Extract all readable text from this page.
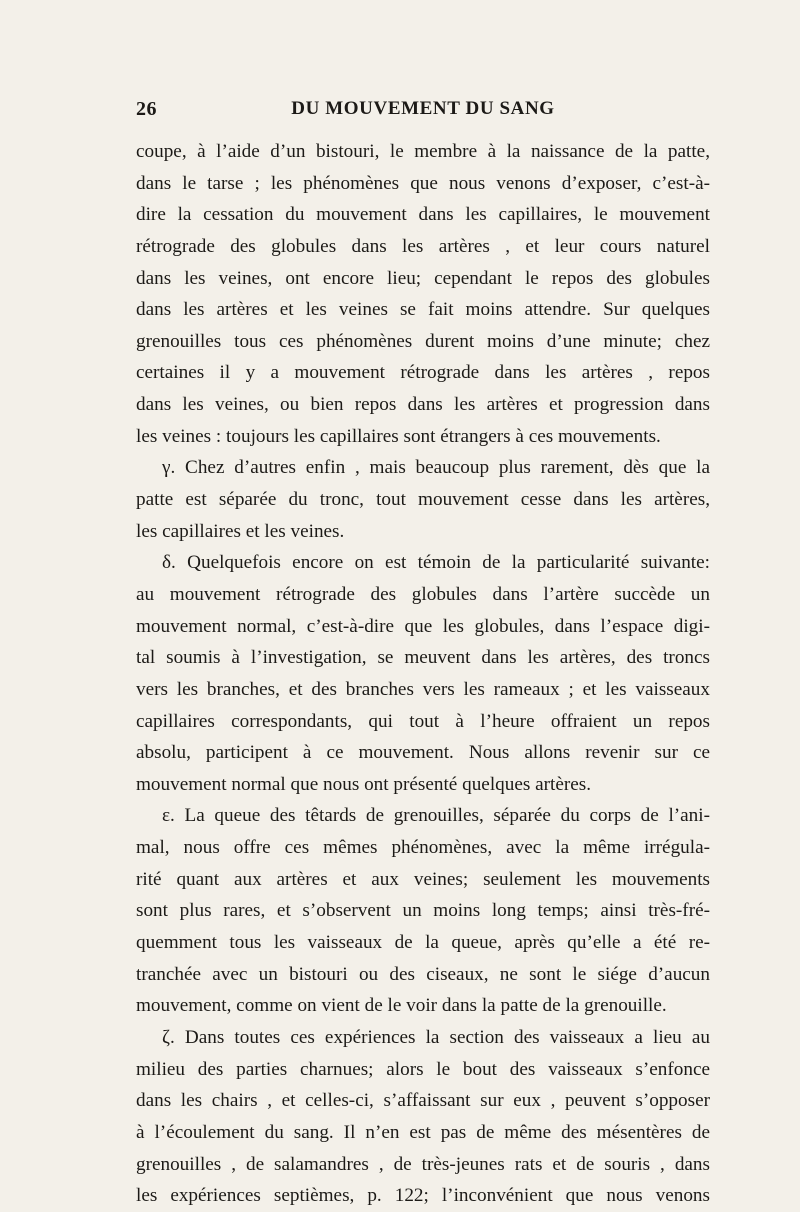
26	DU MOUVEMENT DU SANG
coupe, à l’aide d’un bistouri, le membre à la naissance de la patte,
dans le tarse ; les phénomènes que nous venons d’exposer, c’est-à-
dire la cessation du mouvement dans les capillaires, le mouvement
rétrograde des globules dans les artères , et leur cours naturel
dans les veines, ont encore lieu; cependant le repos des globules
dans les artères et les veines se fait moins attendre. Sur quelques
grenouilles tous ces phénomènes durent moins d’une minute; chez
certaines il y a mouvement rétrograde dans les artères , repos
dans les veines, ou bien repos dans les artères et progression dans
les veines : toujours les capillaires sont étrangers à ces mouvements.
γ. Chez d’autres enfin , mais beaucoup plus rarement, dès que la
patte est séparée du tronc, tout mouvement cesse dans les artères,
les capillaires et les veines.
δ. Quelquefois encore on est témoin de la particularité suivante:
au mouvement rétrograde des globules dans l’artère succède un
mouvement normal, c’est-à-dire que les globules, dans l’espace digi-
tal soumis à l’investigation, se meuvent dans les artères, des troncs
vers les branches, et des branches vers les rameaux ; et les vaisseaux
capillaires correspondants, qui tout à l’heure offraient un repos
absolu, participent à ce mouvement. Nous allons revenir sur ce
mouvement normal que nous ont présenté quelques artères.
ε. La queue des têtards de grenouilles, séparée du corps de l’ani-
mal, nous offre ces mêmes phénomènes, avec la même irrégula-
rité quant aux artères et aux veines; seulement les mouvements
sont plus rares, et s’observent un moins long temps; ainsi très-fré-
quemment tous les vaisseaux de la queue, après qu’elle a été re-
tranchée avec un bistouri ou des ciseaux, ne sont le siége d’aucun
mouvement, comme on vient de le voir dans la patte de la grenouille.
ζ. Dans toutes ces expériences la section des vaisseaux a lieu au
milieu des parties charnues; alors le bout des vaisseaux s’enfonce
dans les chairs , et celles-ci, s’affaissant sur eux , peuvent s’opposer
à l’écoulement du sang. Il n’en est pas de même des mésentères de
grenouilles , de salamandres , de très-jeunes rats et de souris , dans
les expériences septièmes, p. 122; l’inconvénient que nous venons
